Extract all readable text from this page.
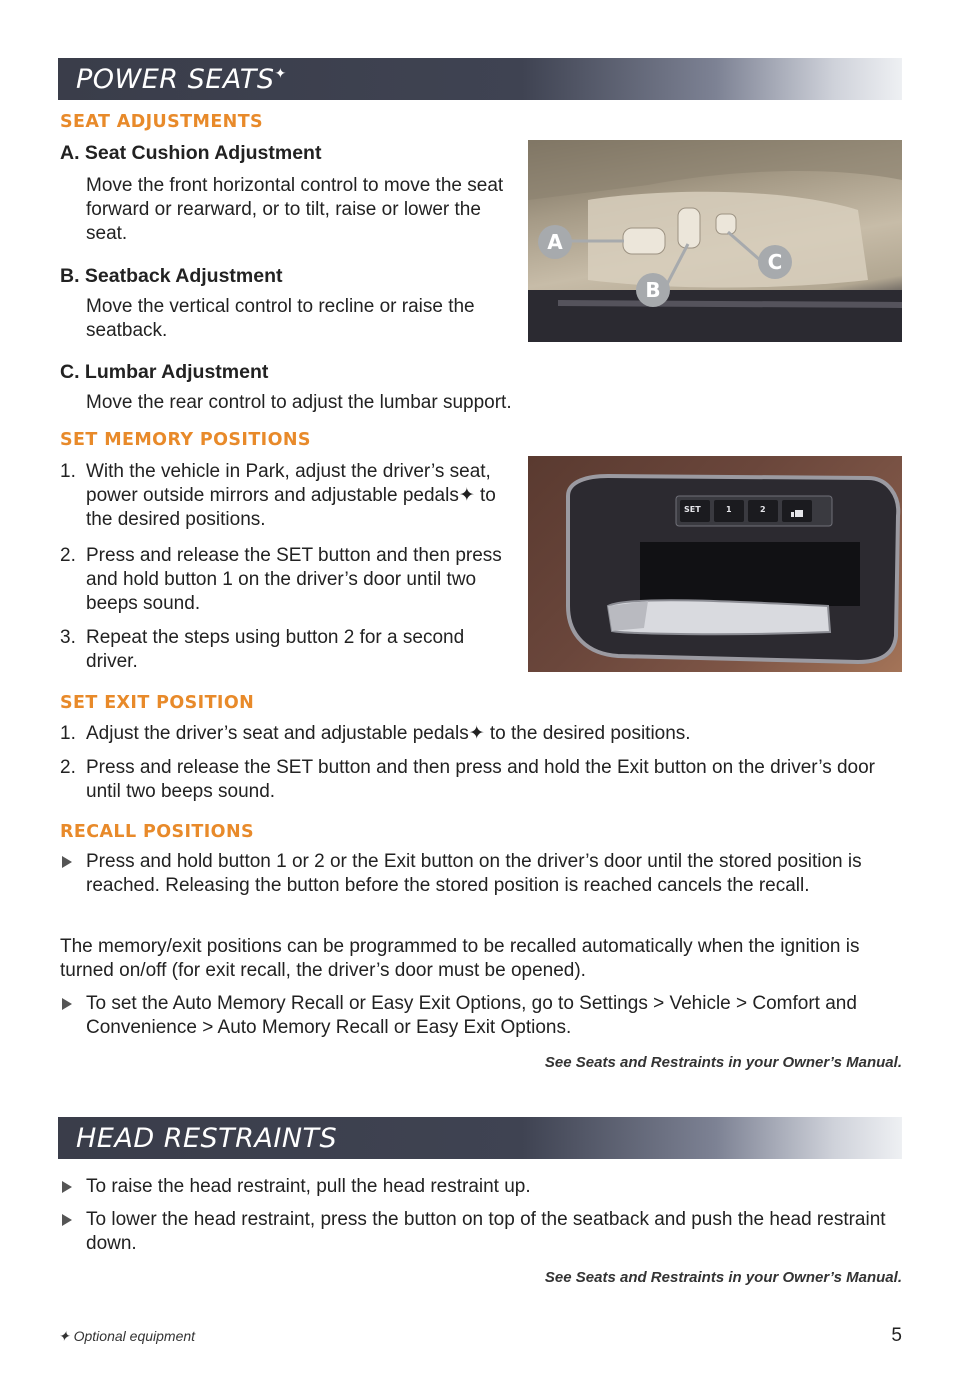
POWER SEATS✦
SEAT ADJUSTMENTS
A. Seat Cushion Adjustment
Move the front horizontal control to move the seat forward or rearward, or to tilt, raise or lower the seat.
B. Seatback Adjustment
Move the vertical control to recline or raise the seatback.
C. Lumbar Adjustment
Move the rear control to adjust the lumbar support.
A
B
C
SET MEMORY POSITIONS
1. With the vehicle in Park, adjust the driver’s seat, power outside mirrors and adjustable pedals✦ to the desired positions.
2. Press and release the SET button and then press and hold button 1 on the driver’s door until two beeps sound.
3. Repeat the steps using button 2 for a second driver.
SET	1	2
SET EXIT POSITION
1. Adjust the driver’s seat and adjustable pedals✦ to the desired positions.
2. Press and release the SET button and then press and hold the Exit button on the driver’s door until two beeps sound.
RECALL POSITIONS
Press and hold button 1 or 2 or the Exit button on the driver’s door until the stored position is reached. Releasing the button before the stored position is reached cancels the recall.
The memory/exit positions can be programmed to be recalled automatically when the ignition is turned on/off (for exit recall, the driver’s door must be opened).
To set the Auto Memory Recall or Easy Exit Options, go to Settings > Vehicle > Comfort and Convenience > Auto Memory Recall or Easy Exit Options.
See Seats and Restraints in your Owner’s Manual.
HEAD RESTRAINTS
To raise the head restraint, pull the head restraint up.
To lower the head restraint, press the button on top of the seatback and push the head restraint down.
See Seats and Restraints in your Owner’s Manual.
✦ Optional equipment	5
